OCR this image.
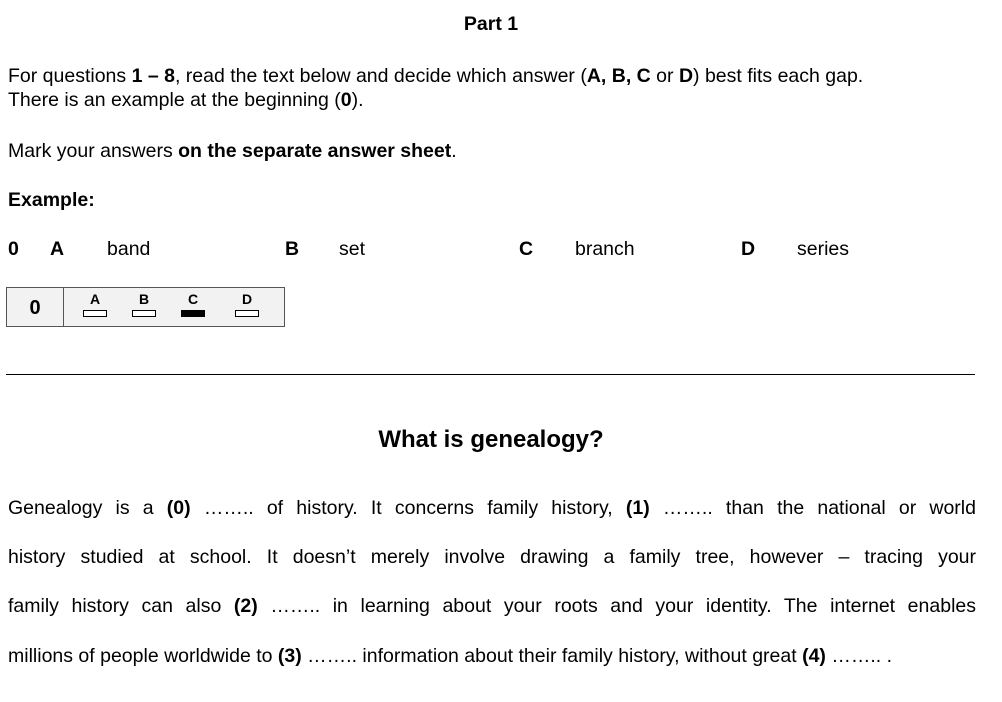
Part 1
For questions 1 – 8, read the text below and decide which answer (A, B, C or D) best fits each gap.
There is an example at the beginning (0).
Mark your answers on the separate answer sheet.
Example:
0 A band	B set	C branch	D series
0	A	B	C	D
What is genealogy?
Genealogy is a (0) …….. of history. It concerns family history, (1) …….. than the national or world
history studied at school. It doesn’t merely involve drawing a family tree, however – tracing your
family history can also (2) …….. in learning about your roots and your identity. The internet enables
millions of people worldwide to (3) …….. information about their family history, without great (4) …….. .
